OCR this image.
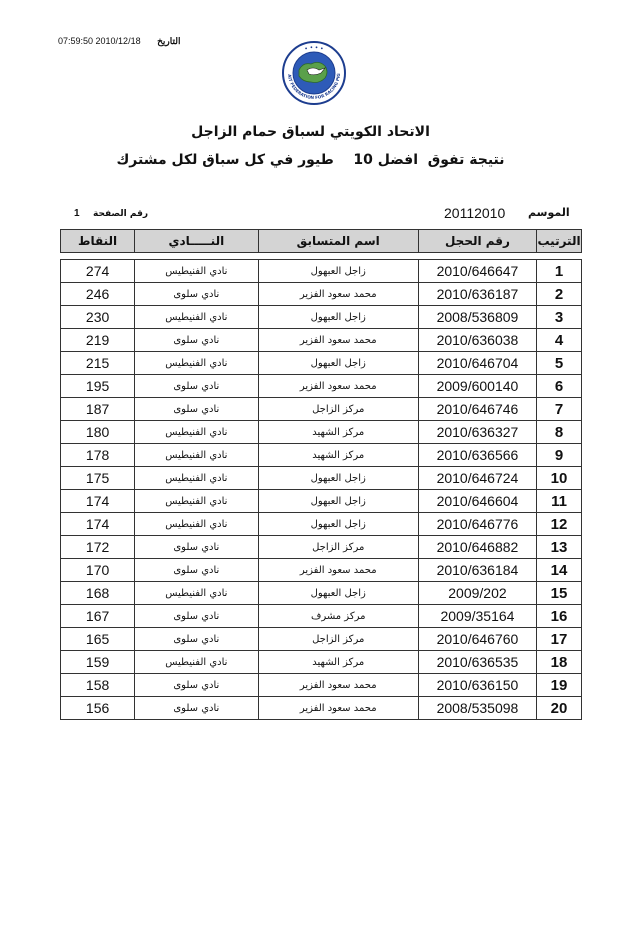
07:59:50 2010/12/18 التاريخ
AIT FEDERATION FOR RACING PIG
• • • •
الاتحاد الكويتي لسباق حمام الزاجل
نتيجة تفوق  افضل 10    طيور في كل سباق لكل مشترك
الموسم
20112010
رقم الصفحة
1
الترتيب	رقم الحجل	اسم المتسابق	النـــــادي	النقاط

1	2010/646647	زاجل العبهول	نادي الفنيطيس	274
2	2010/636187	محمد سعود الفزير	نادي سلوى	246
3	2008/536809	زاجل العبهول	نادي الفنيطيس	230
4	2010/636038	محمد سعود الفزير	نادي سلوى	219
5	2010/646704	زاجل العبهول	نادي الفنيطيس	215
6	2009/600140	محمد سعود الفزير	نادي سلوى	195
7	2010/646746	مركز الزاجل	نادي سلوى	187
8	2010/636327	مركز الشهيد	نادي الفنيطيس	180
9	2010/636566	مركز الشهيد	نادي الفنيطيس	178
10	2010/646724	زاجل العبهول	نادي الفنيطيس	175
11	2010/646604	زاجل العبهول	نادي الفنيطيس	174
12	2010/646776	زاجل العبهول	نادي الفنيطيس	174
13	2010/646882	مركز الزاجل	نادي سلوى	172
14	2010/636184	محمد سعود الفزير	نادي سلوى	170
15	2009/202	زاجل العبهول	نادي الفنيطيس	168
16	2009/35164	مركز مشرف	نادي سلوى	167
17	2010/646760	مركز الزاجل	نادي سلوى	165
18	2010/636535	مركز الشهيد	نادي الفنيطيس	159
19	2010/636150	محمد سعود الفزير	نادي سلوى	158
20	2008/535098	محمد سعود الفزير	نادي سلوى	156
